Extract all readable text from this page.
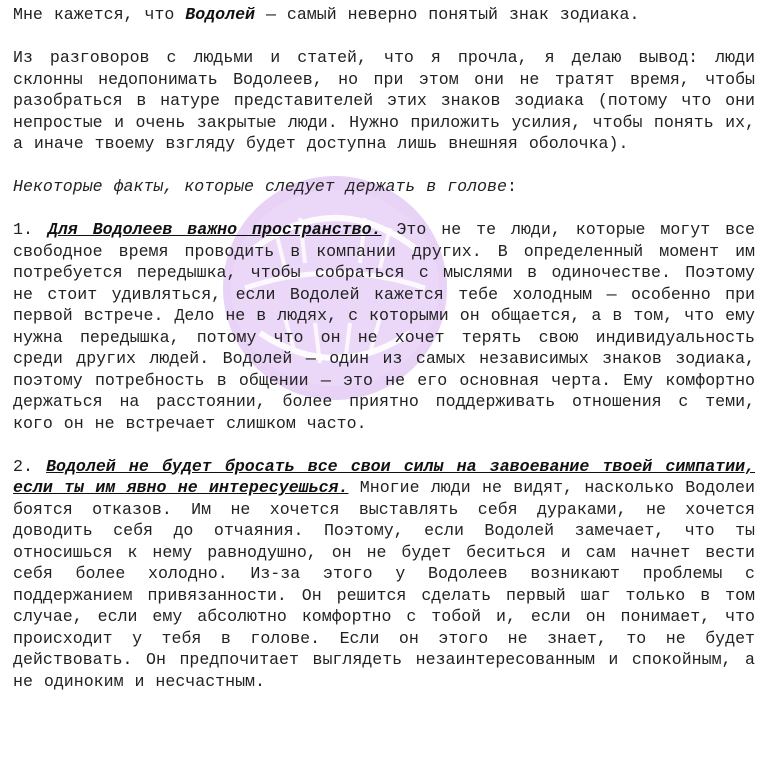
Мне кажется, что Водолей — самый неверно понятый знак зодиака.

Из разговоров с людьми и статей, что я прочла, я делаю вывод: люди склонны недопонимать Водолеев, но при этом они не тратят время, чтобы разобраться в натуре представителей этих знаков зодиака (потому что они непростые и очень закрытые люди. Нужно приложить усилия, чтобы понять их, а иначе твоему взгляду будет доступна лишь внешняя оболочка).

Некоторые факты, которые следует держать в голове:

1. Для Водолеев важно пространство. Это не те люди, которые могут все свободное время проводить в компании других. В определенный момент им потребуется передышка, чтобы собраться с мыслями в одиночестве. Поэтому не стоит удивляться, если Водолей кажется тебе холодным — особенно при первой встрече. Дело не в людях, с которыми он общается, а в том, что ему нужна передышка, потому что он не хочет терять свою индивидуальность среди других людей. Водолей — один из самых независимых знаков зодиака, поэтому потребность в общении — это не его основная черта. Ему комфортно держаться на расстоянии, более приятно поддерживать отношения с теми, кого он не встречает слишком часто.

2. Водолей не будет бросать все свои силы на завоевание твоей симпатии, если ты им явно не интересуешься. Многие люди не видят, насколько Водолеи боятся отказов. Им не хочется выставлять себя дураками, не хочется доводить себя до отчаяния. Поэтому, если Водолей замечает, что ты относишься к нему равнодушно, он не будет беситься и сам начнет вести себя более холодно. Из-за этого у Водолеев возникают проблемы с поддержанием привязанности. Он решится сделать первый шаг только в том случае, если ему абсолютно комфортно с тобой и, если он понимает, что происходит у тебя в голове. Если он этого не знает, то не будет действовать. Он предпочитает выглядеть незаинтересованным и спокойным, а не одиноким и несчастным.
